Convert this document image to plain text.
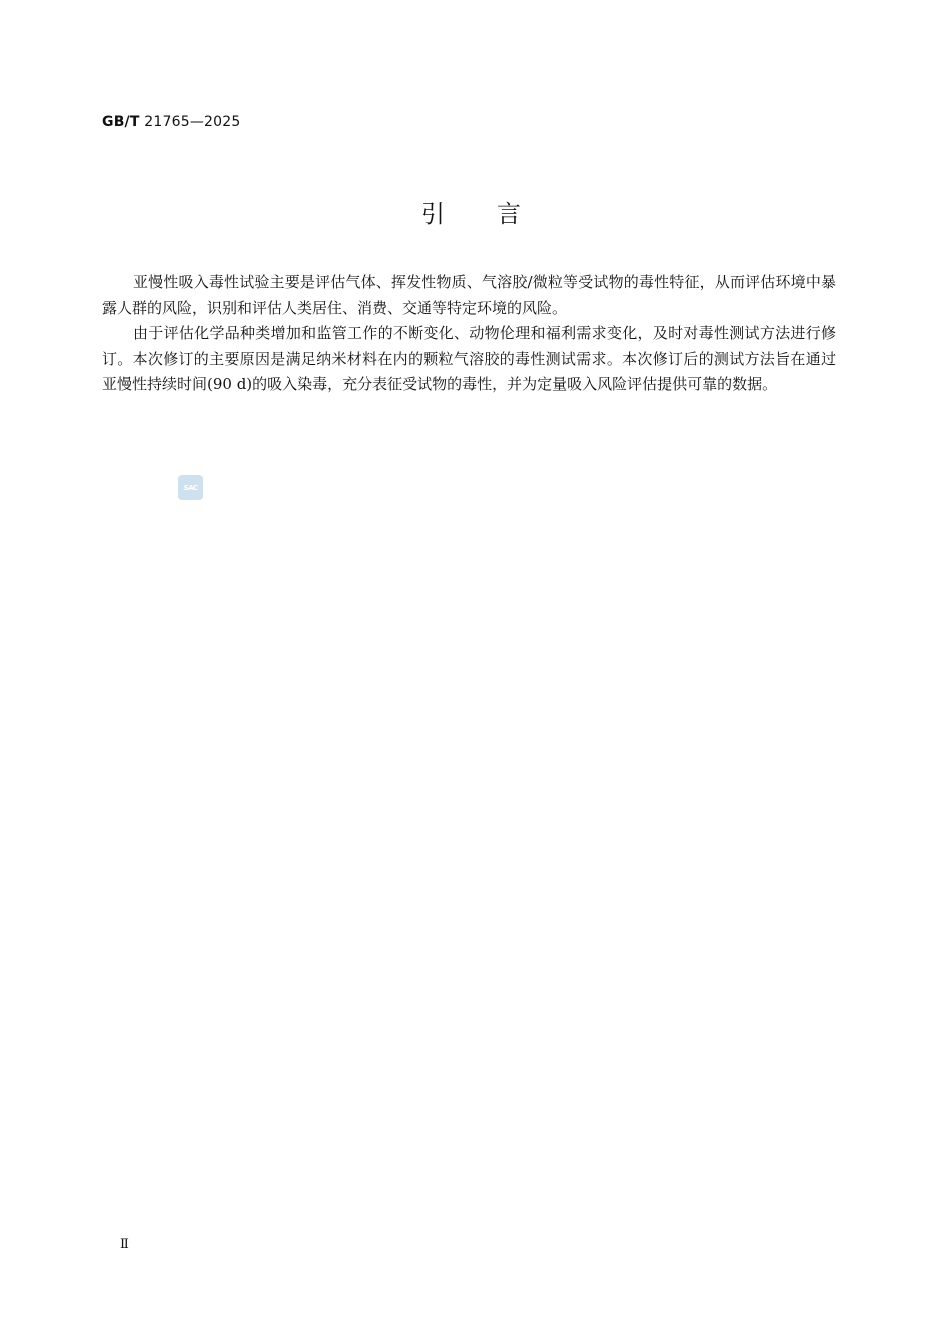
GB/T 21765—2025
引言

亚慢性吸入毒性试验主要是评估气体、挥发性物质、气溶胶/微粒等受试物的毒性特征，从而评估环境中暴露人群的风险，识别和评估人类居住、消费、交通等特定环境的风险。

由于评估化学品种类增加和监管工作的不断变化、动物伦理和福利需求变化，及时对毒性测试方法进行修订。本次修订的主要原因是满足纳米材料在内的颗粒气溶胶的毒性测试需求。本次修订后的测试方法旨在通过亚慢性持续时间(90 d)的吸入染毒，充分表征受试物的毒性，并为定量吸入风险评估提供可靠的数据。

SAC
Ⅱ
